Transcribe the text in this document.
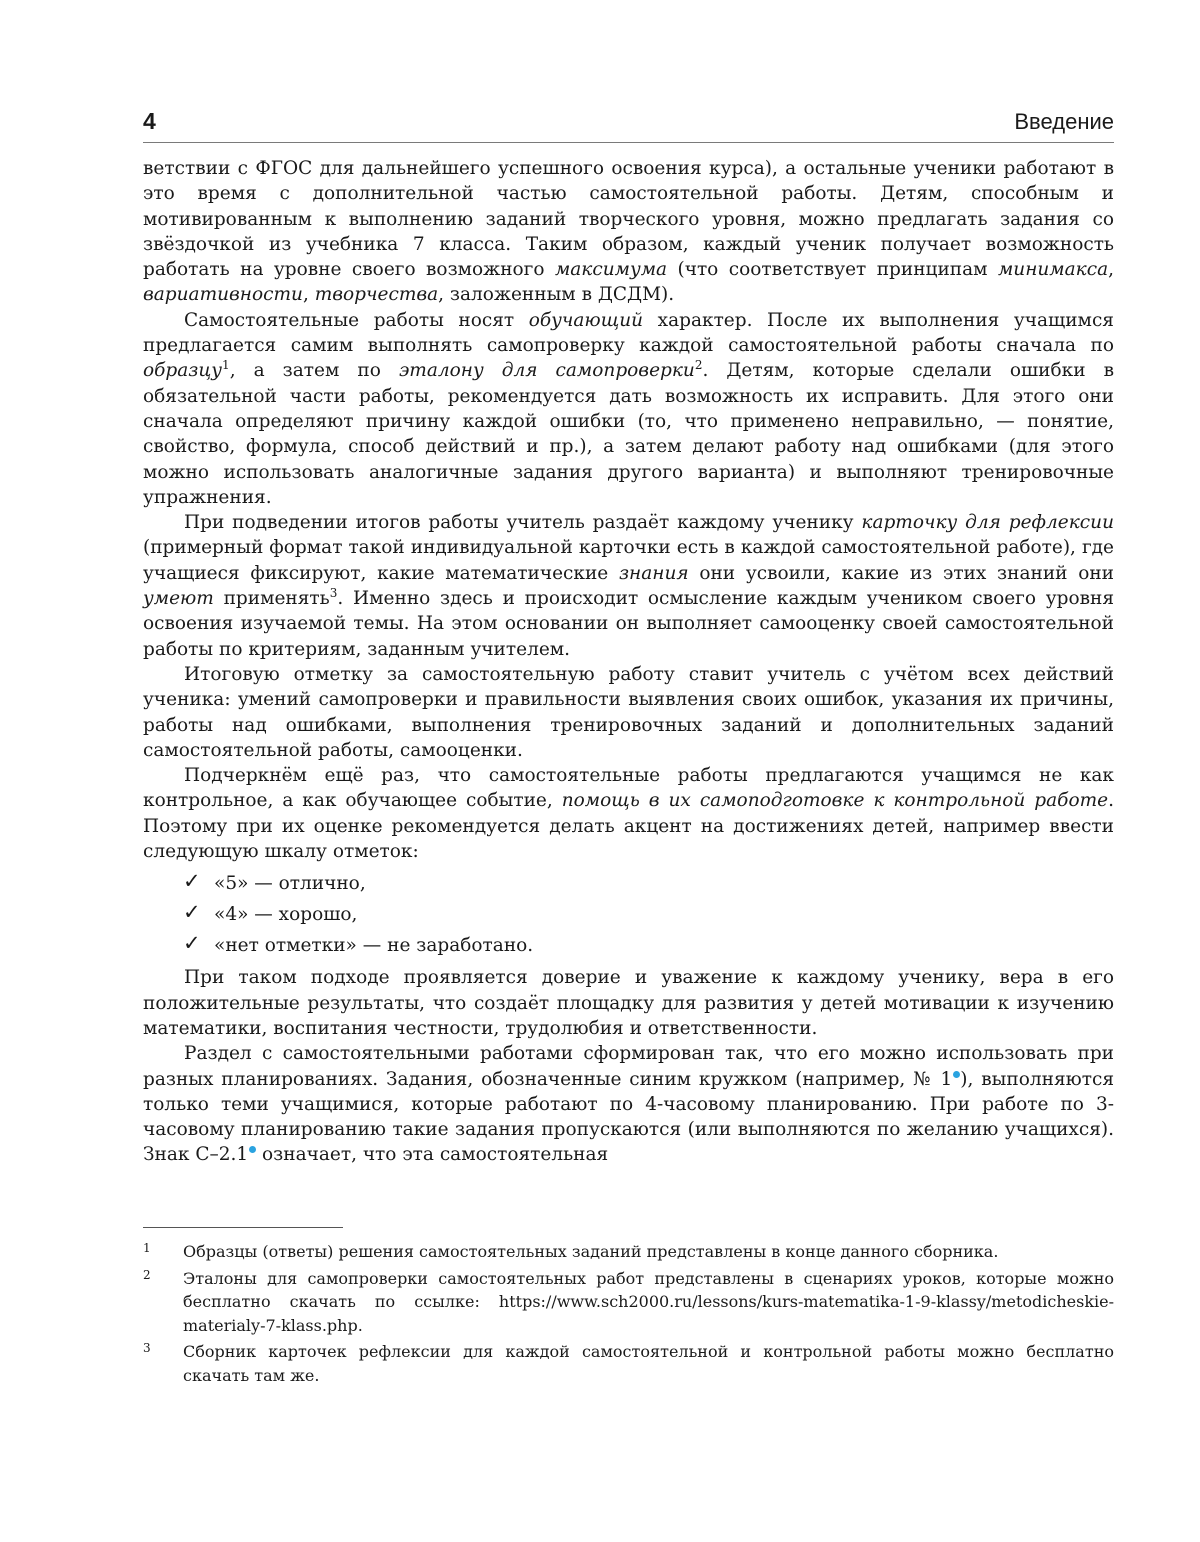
4	Введение

ветствии с ФГОС для дальнейшего успешного освоения курса), а остальные ученики работают в это время с дополнительной частью самостоятельной работы. Детям, способным и мотивированным к выполнению заданий творческого уровня, можно предлагать задания со звёздочкой из учебника 7 класса. Таким образом, каждый ученик получает возможность работать на уровне своего возможного максимума (что соответствует принципам минимакса, вариативности, творчества, заложенным в ДСДМ).

Самостоятельные работы носят обучающий характер. После их выполнения учащимся предлагается самим выполнять самопроверку каждой самостоятельной работы сначала по образцу$^1$, а затем по эталону для самопроверки$^2$. Детям, которые сделали ошибки в обязательной части работы, рекомендуется дать возможность их исправить. Для этого они сначала определяют причину каждой ошибки (то, что применено неправильно, — понятие, свойство, формула, способ действий и пр.), а затем делают работу над ошибками (для этого можно использовать аналогичные задания другого варианта) и выполняют тренировочные упражнения.

При подведении итогов работы учитель раздаёт каждому ученику карточку для рефлексии (примерный формат такой индивидуальной карточки есть в каждой самостоятельной работе), где учащиеся фиксируют, какие математические знания они усвоили, какие из этих знаний они умеют применять$^3$. Именно здесь и происходит осмысление каждым учеником своего уровня освоения изучаемой темы. На этом основании он выполняет самооценку своей самостоятельной работы по критериям, заданным учителем.

Итоговую отметку за самостоятельную работу ставит учитель с учётом всех действий ученика: умений самопроверки и правильности выявления своих ошибок, указания их причины, работы над ошибками, выполнения тренировочных заданий и дополнительных заданий самостоятельной работы, самооценки.

Подчеркнём ещё раз, что самостоятельные работы предлагаются учащимся не как контрольное, а как обучающее событие, помощь в их самоподготовке к контрольной работе. Поэтому при их оценке рекомендуется делать акцент на достижениях детей, например ввести следующую шкалу отметок:

✓ «5» — отлично,
✓ «4» — хорошо,
✓ «нет отметки» — не заработано.

При таком подходе проявляется доверие и уважение к каждому ученику, вера в его положительные результаты, что создаёт площадку для развития у детей мотивации к изучению математики, воспитания честности, трудолюбия и ответственности.

Раздел с самостоятельными работами сформирован так, что его можно использовать при разных планированиях. Задания, обозначенные синим кружком (например, № 1 ), выполняются только теми учащимися, которые работают по 4-часовому планированию. При работе по 3-часовому планированию такие задания пропускаются (или выполняются по желанию учащихся). Знак С–2.1 означает, что эта самостоятельная

1 Образцы (ответы) решения самостоятельных заданий представлены в конце данного сборника.
2 Эталоны для самопроверки самостоятельных работ представлены в сценариях уроков, которые можно бесплатно скачать по ссылке: https://www.sch2000.ru/lessons/kurs-matematika-1-9-klassy/metodicheskie-materialy-7-klass.php.
3 Сборник карточек рефлексии для каждой самостоятельной и контрольной работы можно бесплатно скачать там же.
